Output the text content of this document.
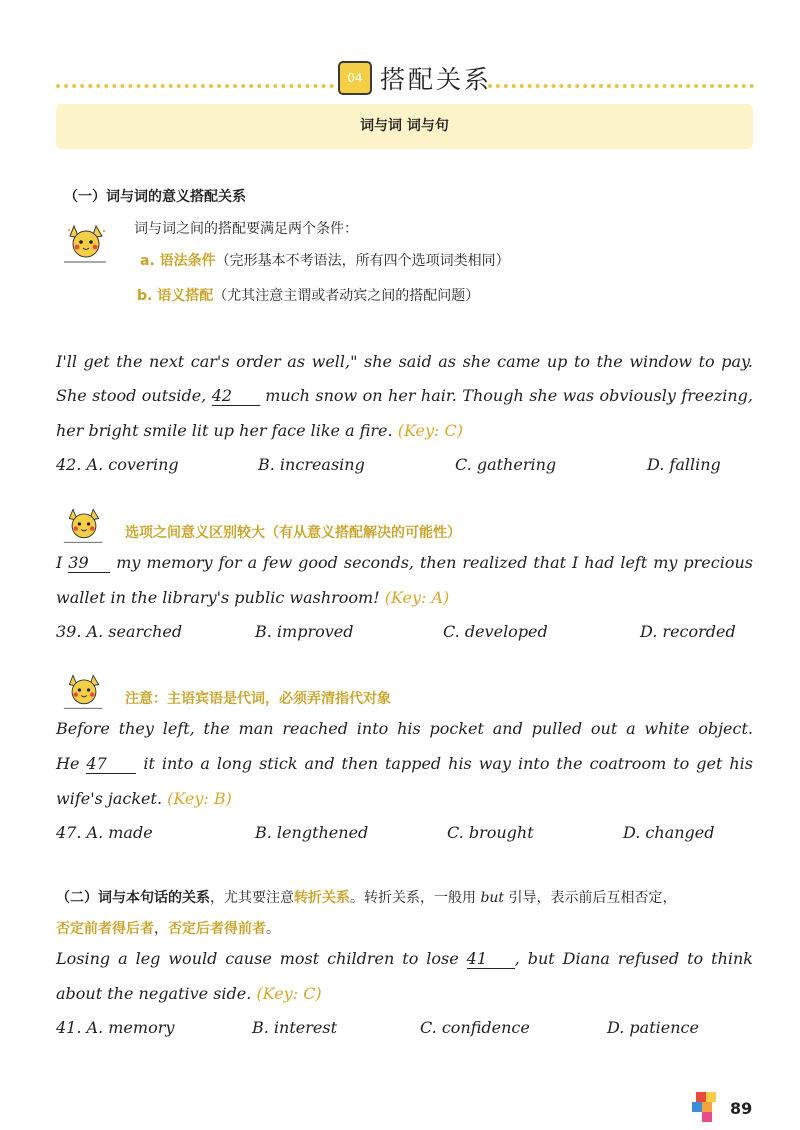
04 搭配关系
词与词 词与句
（一）词与词的意义搭配关系
词与词之间的搭配要满足两个条件：
a. 语法条件（完形基本不考语法，所有四个选项词类相同）
b. 语义搭配（尤其注意主谓或者动宾之间的搭配问题）
I'll get the next car's order as well," she said as she came up to the window to pay.
She stood outside, 42 much snow on her hair. Though she was obviously freezing,
her bright smile lit up her face like a fire. (Key: C)
42. A. covering	B. increasing	C. gathering	D. falling
选项之间意义区别较大（有从意义搭配解决的可能性）
I 39 my memory for a few good seconds, then realized that I had left my precious
wallet in the library's public washroom! (Key: A)
39. A. searched	B. improved	C. developed	D. recorded
注意：主语宾语是代词，必须弄清指代对象
Before they left, the man reached into his pocket and pulled out a white object.
He 47 it into a long stick and then tapped his way into the coatroom to get his
wife's jacket. (Key: B)
47. A. made	B. lengthened	C. brought	D. changed
（二）词与本句话的关系，尤其要注意转折关系。转折关系，一般用 but 引导，表示前后互相否定，
否定前者得后者，否定后者得前者。
Losing a leg would cause most children to lose 41 , but Diana refused to think
about the negative side. (Key: C)
41. A. memory	B. interest	C. confidence	D. patience
89
